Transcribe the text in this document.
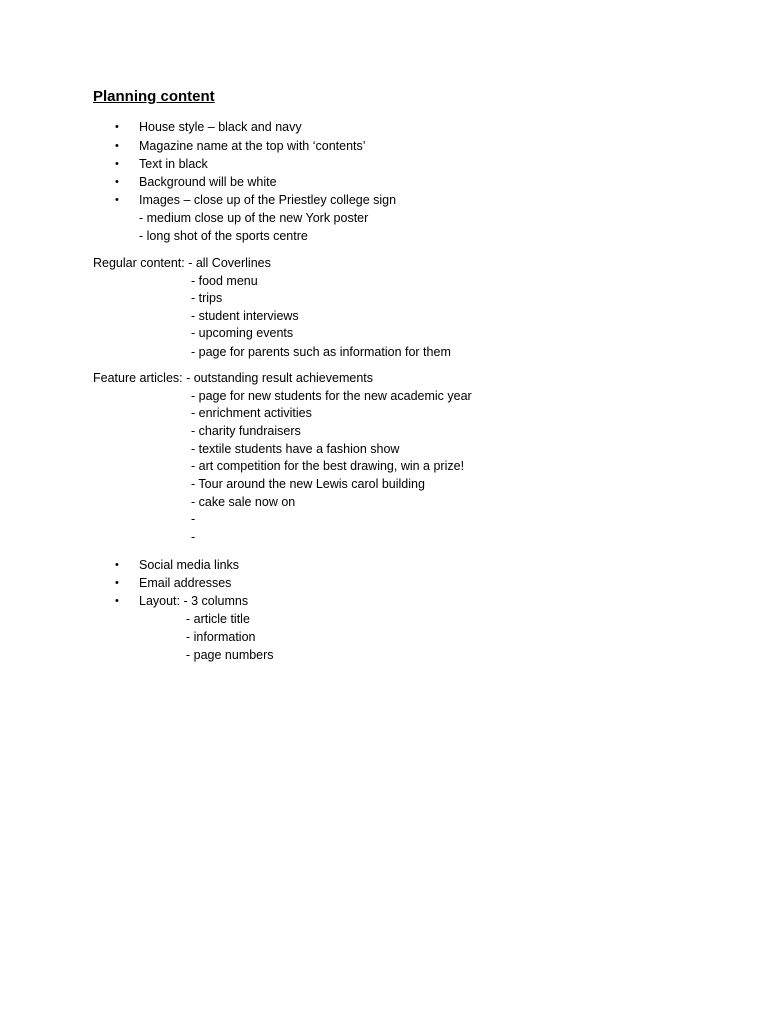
Planning content
• House style – black and navy
• Magazine name at the top with ‘contents’
• Text in black
• Background will be white
• Images – close up of the Priestley college sign
- medium close up of the new York poster
- long shot of the sports centre
Regular content: - all Coverlines
- food menu
- trips
- student interviews
- upcoming events
- page for parents such as information for them
Feature articles: - outstanding result achievements
- page for new students for the new academic year
- enrichment activities
- charity fundraisers
- textile students have a fashion show
- art competition for the best drawing, win a prize!
- Tour around the new Lewis carol building
- cake sale now on
-
-
• Social media links
• Email addresses
• Layout: - 3 columns
- article title
- information
- page numbers
